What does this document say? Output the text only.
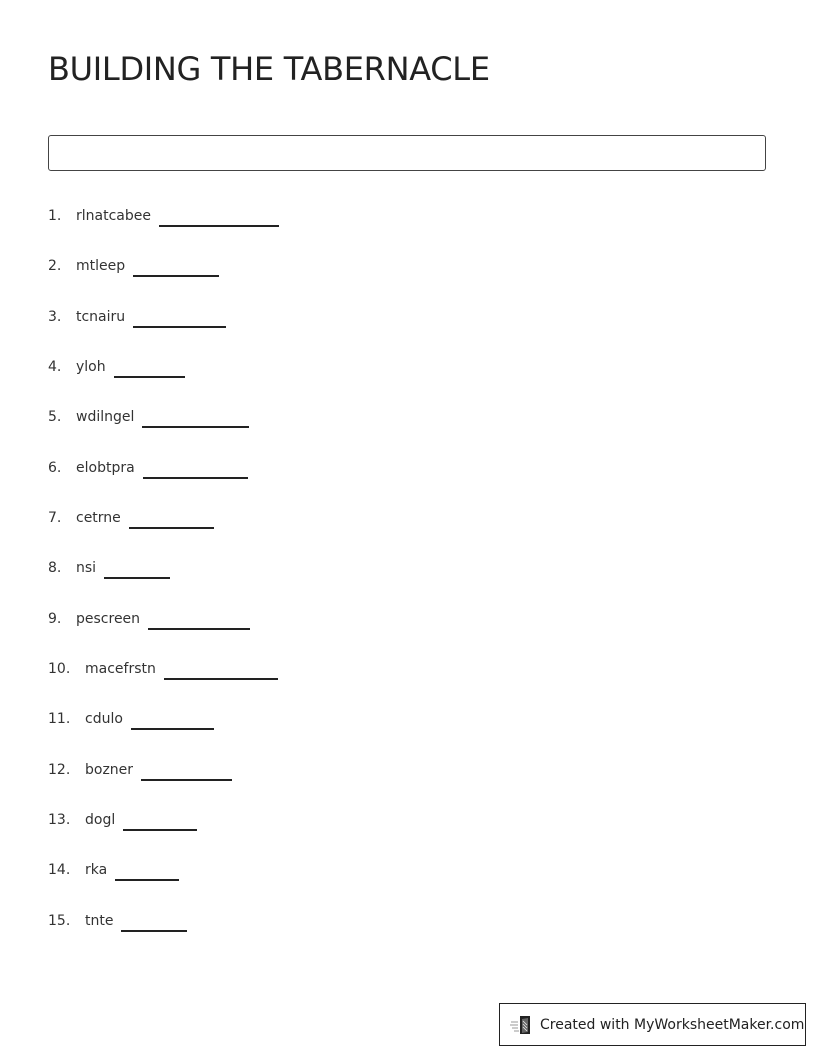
BUILDING THE TABERNACLE
1.	rlnatcabee
2.	mtleep
3.	tcnairu
4.	yloh
5.	wdilngel
6.	elobtpra
7.	cetrne
8.	nsi
9.	pescreen
10.	macefrstn
11.	cdulo
12.	bozner
13.	dogl
14.	rka
15.	tnte
Created with MyWorksheetMaker.com
